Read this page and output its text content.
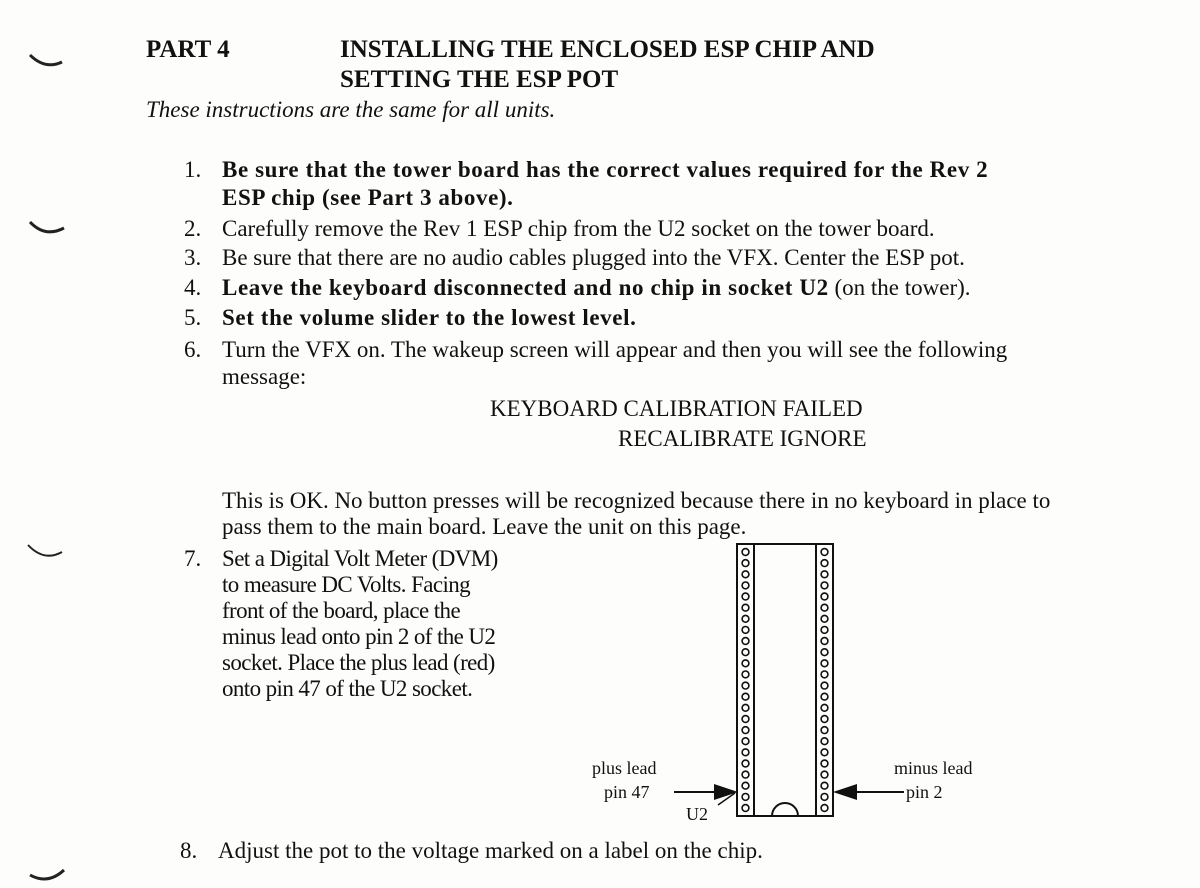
PART 4	INSTALLING THE ENCLOSED ESP CHIP AND
SETTING THE ESP POT
These instructions are the same for all units.
1. Be sure that the tower board has the correct values required for the Rev 2
ESP chip (see Part 3 above).
2. Carefully remove the Rev 1 ESP chip from the U2 socket on the tower board.
3. Be sure that there are no audio cables plugged into the VFX. Center the ESP pot.
4. Leave the keyboard disconnected and no chip in socket U2 (on the tower).
5. Set the volume slider to the lowest level.
6. Turn the VFX on. The wakeup screen will appear and then you will see the following
message:
KEYBOARD CALIBRATION FAILED
RECALIBRATE IGNORE
This is OK. No button presses will be recognized because there in no keyboard in place to
pass them to the main board. Leave the unit on this page.
7. Set a Digital Volt Meter (DVM)
to measure DC Volts. Facing
front of the board, place the
minus lead onto pin 2 of the U2
socket. Place the plus lead (red)
onto pin 47 of the U2 socket.
plus lead
pin 47
minus lead
pin 2
U2
8. Adjust the pot to the voltage marked on a label on the chip.
